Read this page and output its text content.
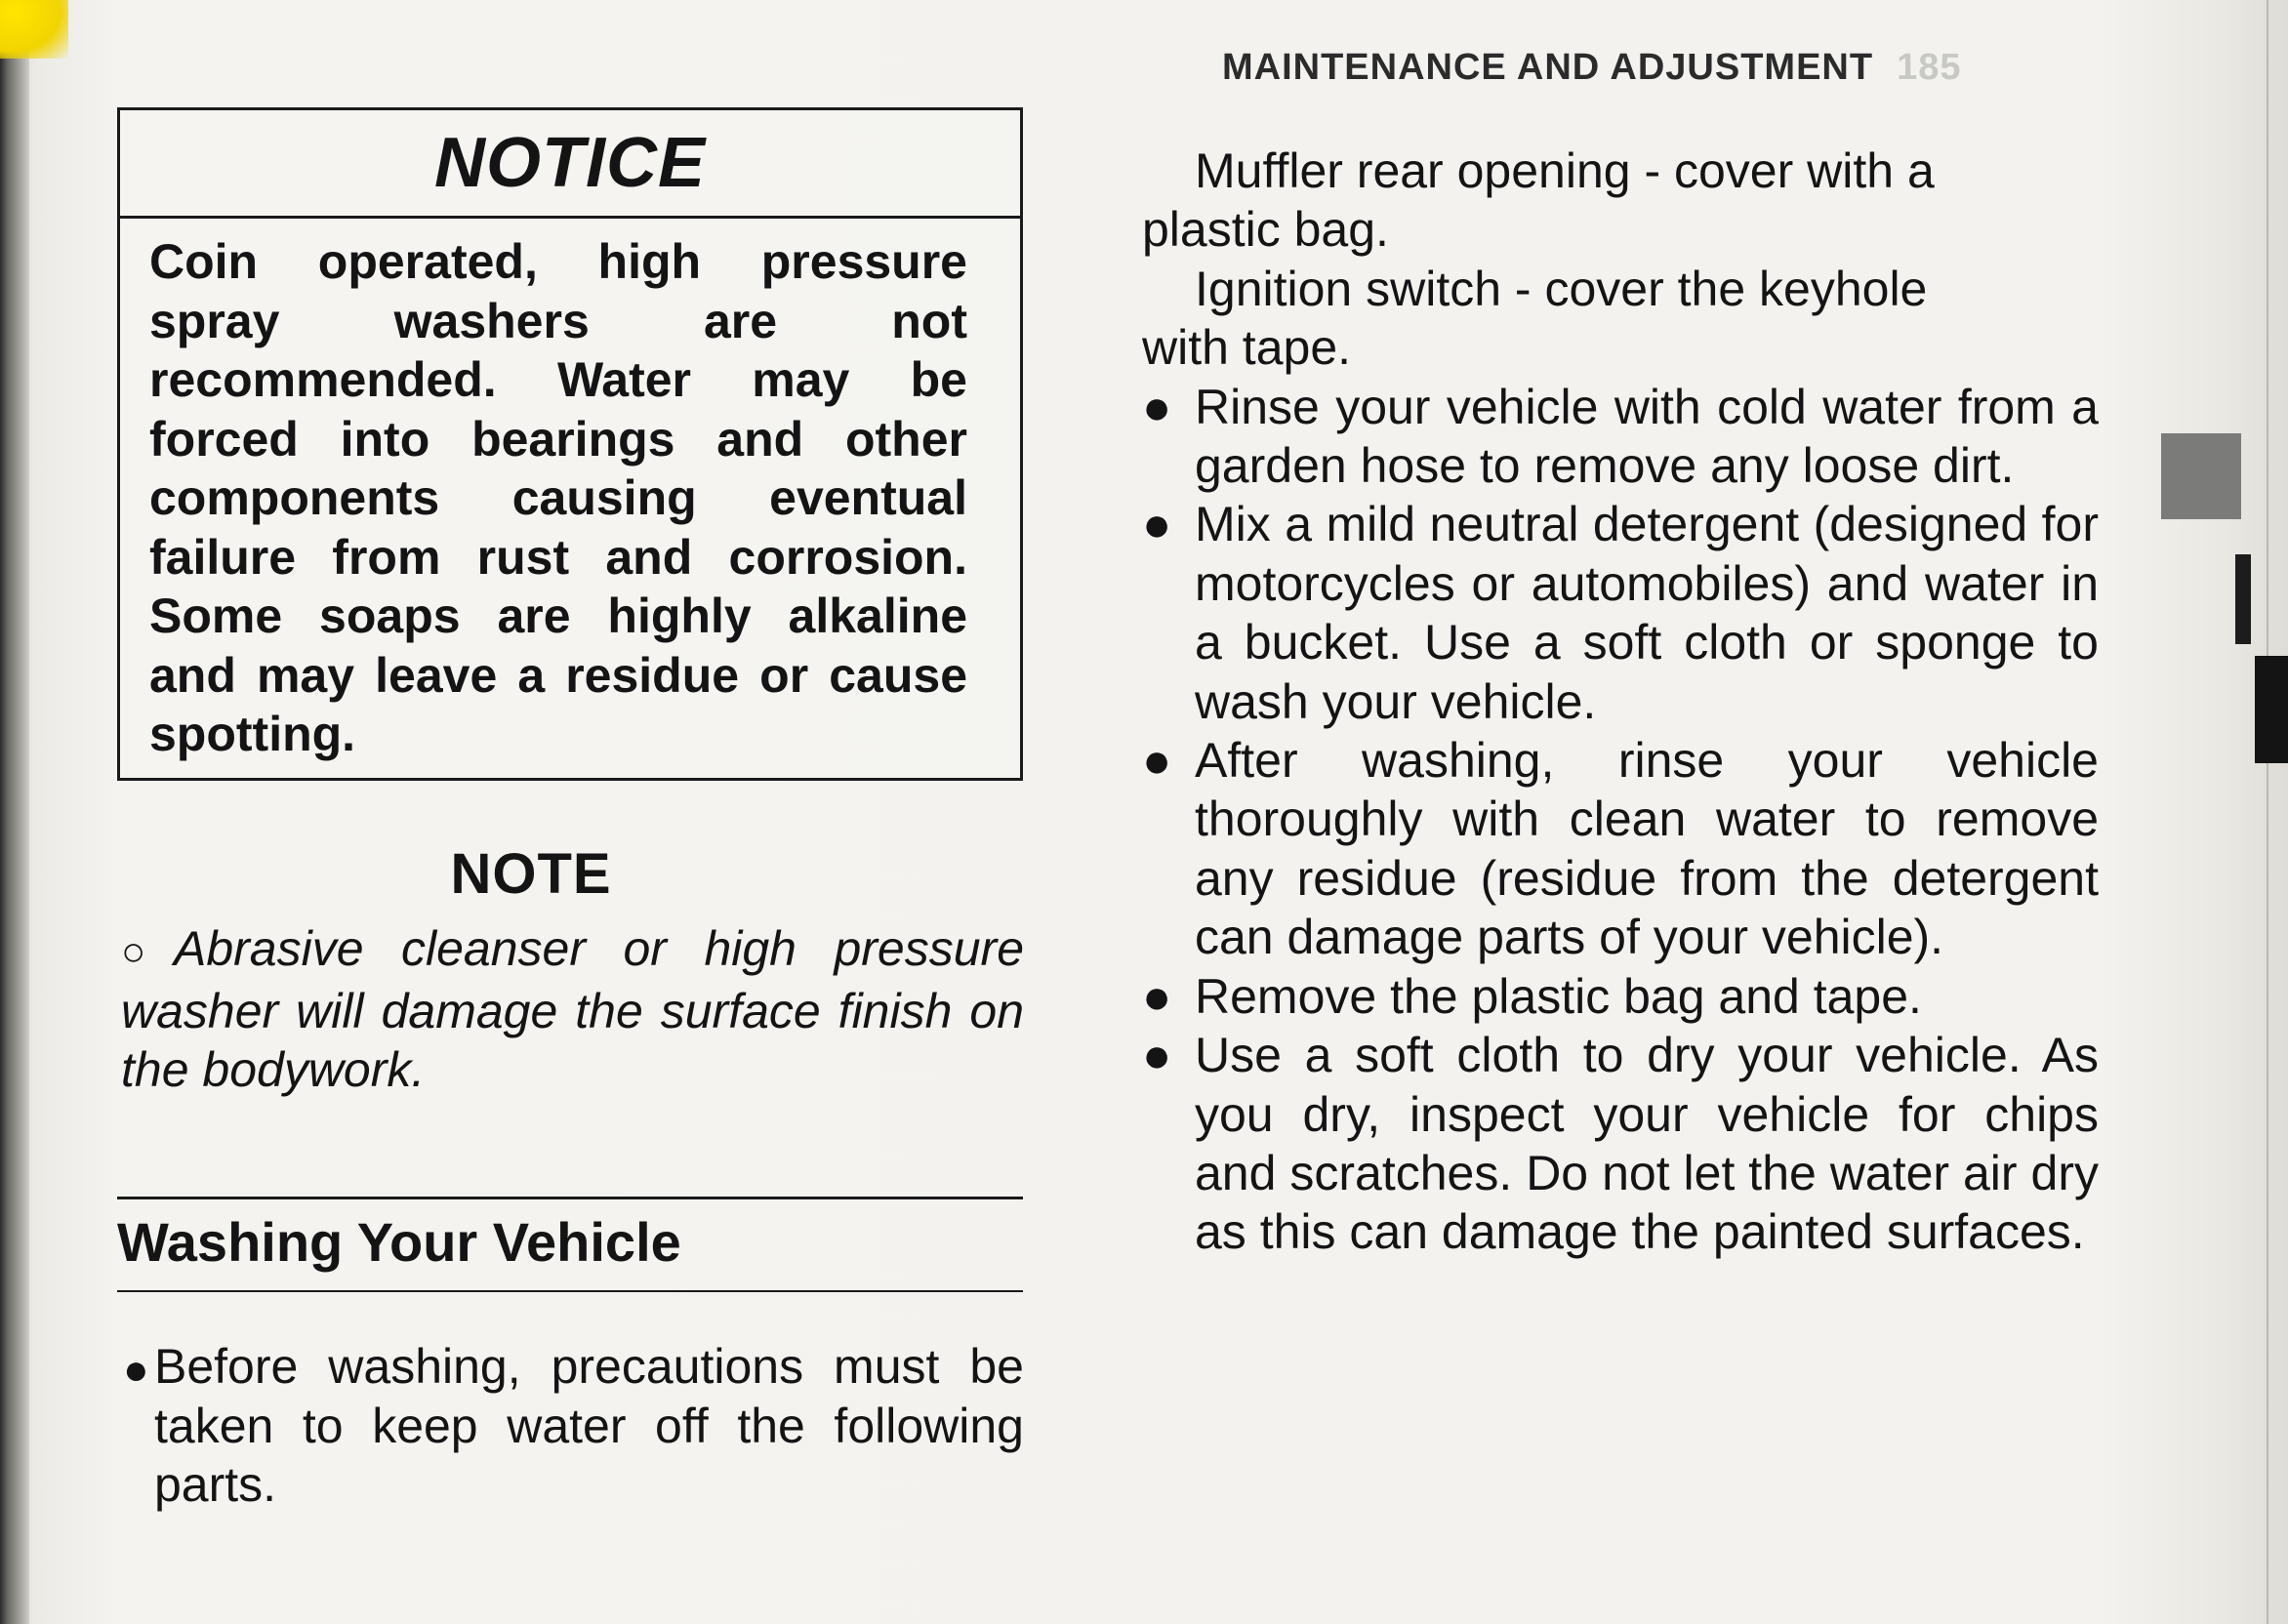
MAINTENANCE AND ADJUSTMENT 185
NOTICE
Coin operated, high pressure spray washers are not recommended. Water may be forced into bearings and other components causing eventual failure from rust and corrosion. Some soaps are highly alkaline and may leave a residue or cause spotting.
NOTE
○Abrasive cleanser or high pressure washer will damage the surface finish on the bodywork.
Washing Your Vehicle
● Before washing, precautions must be taken to keep water off the following parts.
Muffler rear opening - cover with a
plastic bag.
Ignition switch - cover the keyhole
with tape.
● Rinse your vehicle with cold water from a garden hose to remove any loose dirt.
● Mix a mild neutral detergent (designed for motorcycles or automobiles) and water in a bucket. Use a soft cloth or sponge to wash your vehicle.
● After washing, rinse your vehicle thoroughly with clean water to remove any residue (residue from the detergent can damage parts of your vehicle).
● Remove the plastic bag and tape.
● Use a soft cloth to dry your vehicle. As you dry, inspect your vehicle for chips and scratches. Do not let the water air dry as this can damage the painted surfaces.
